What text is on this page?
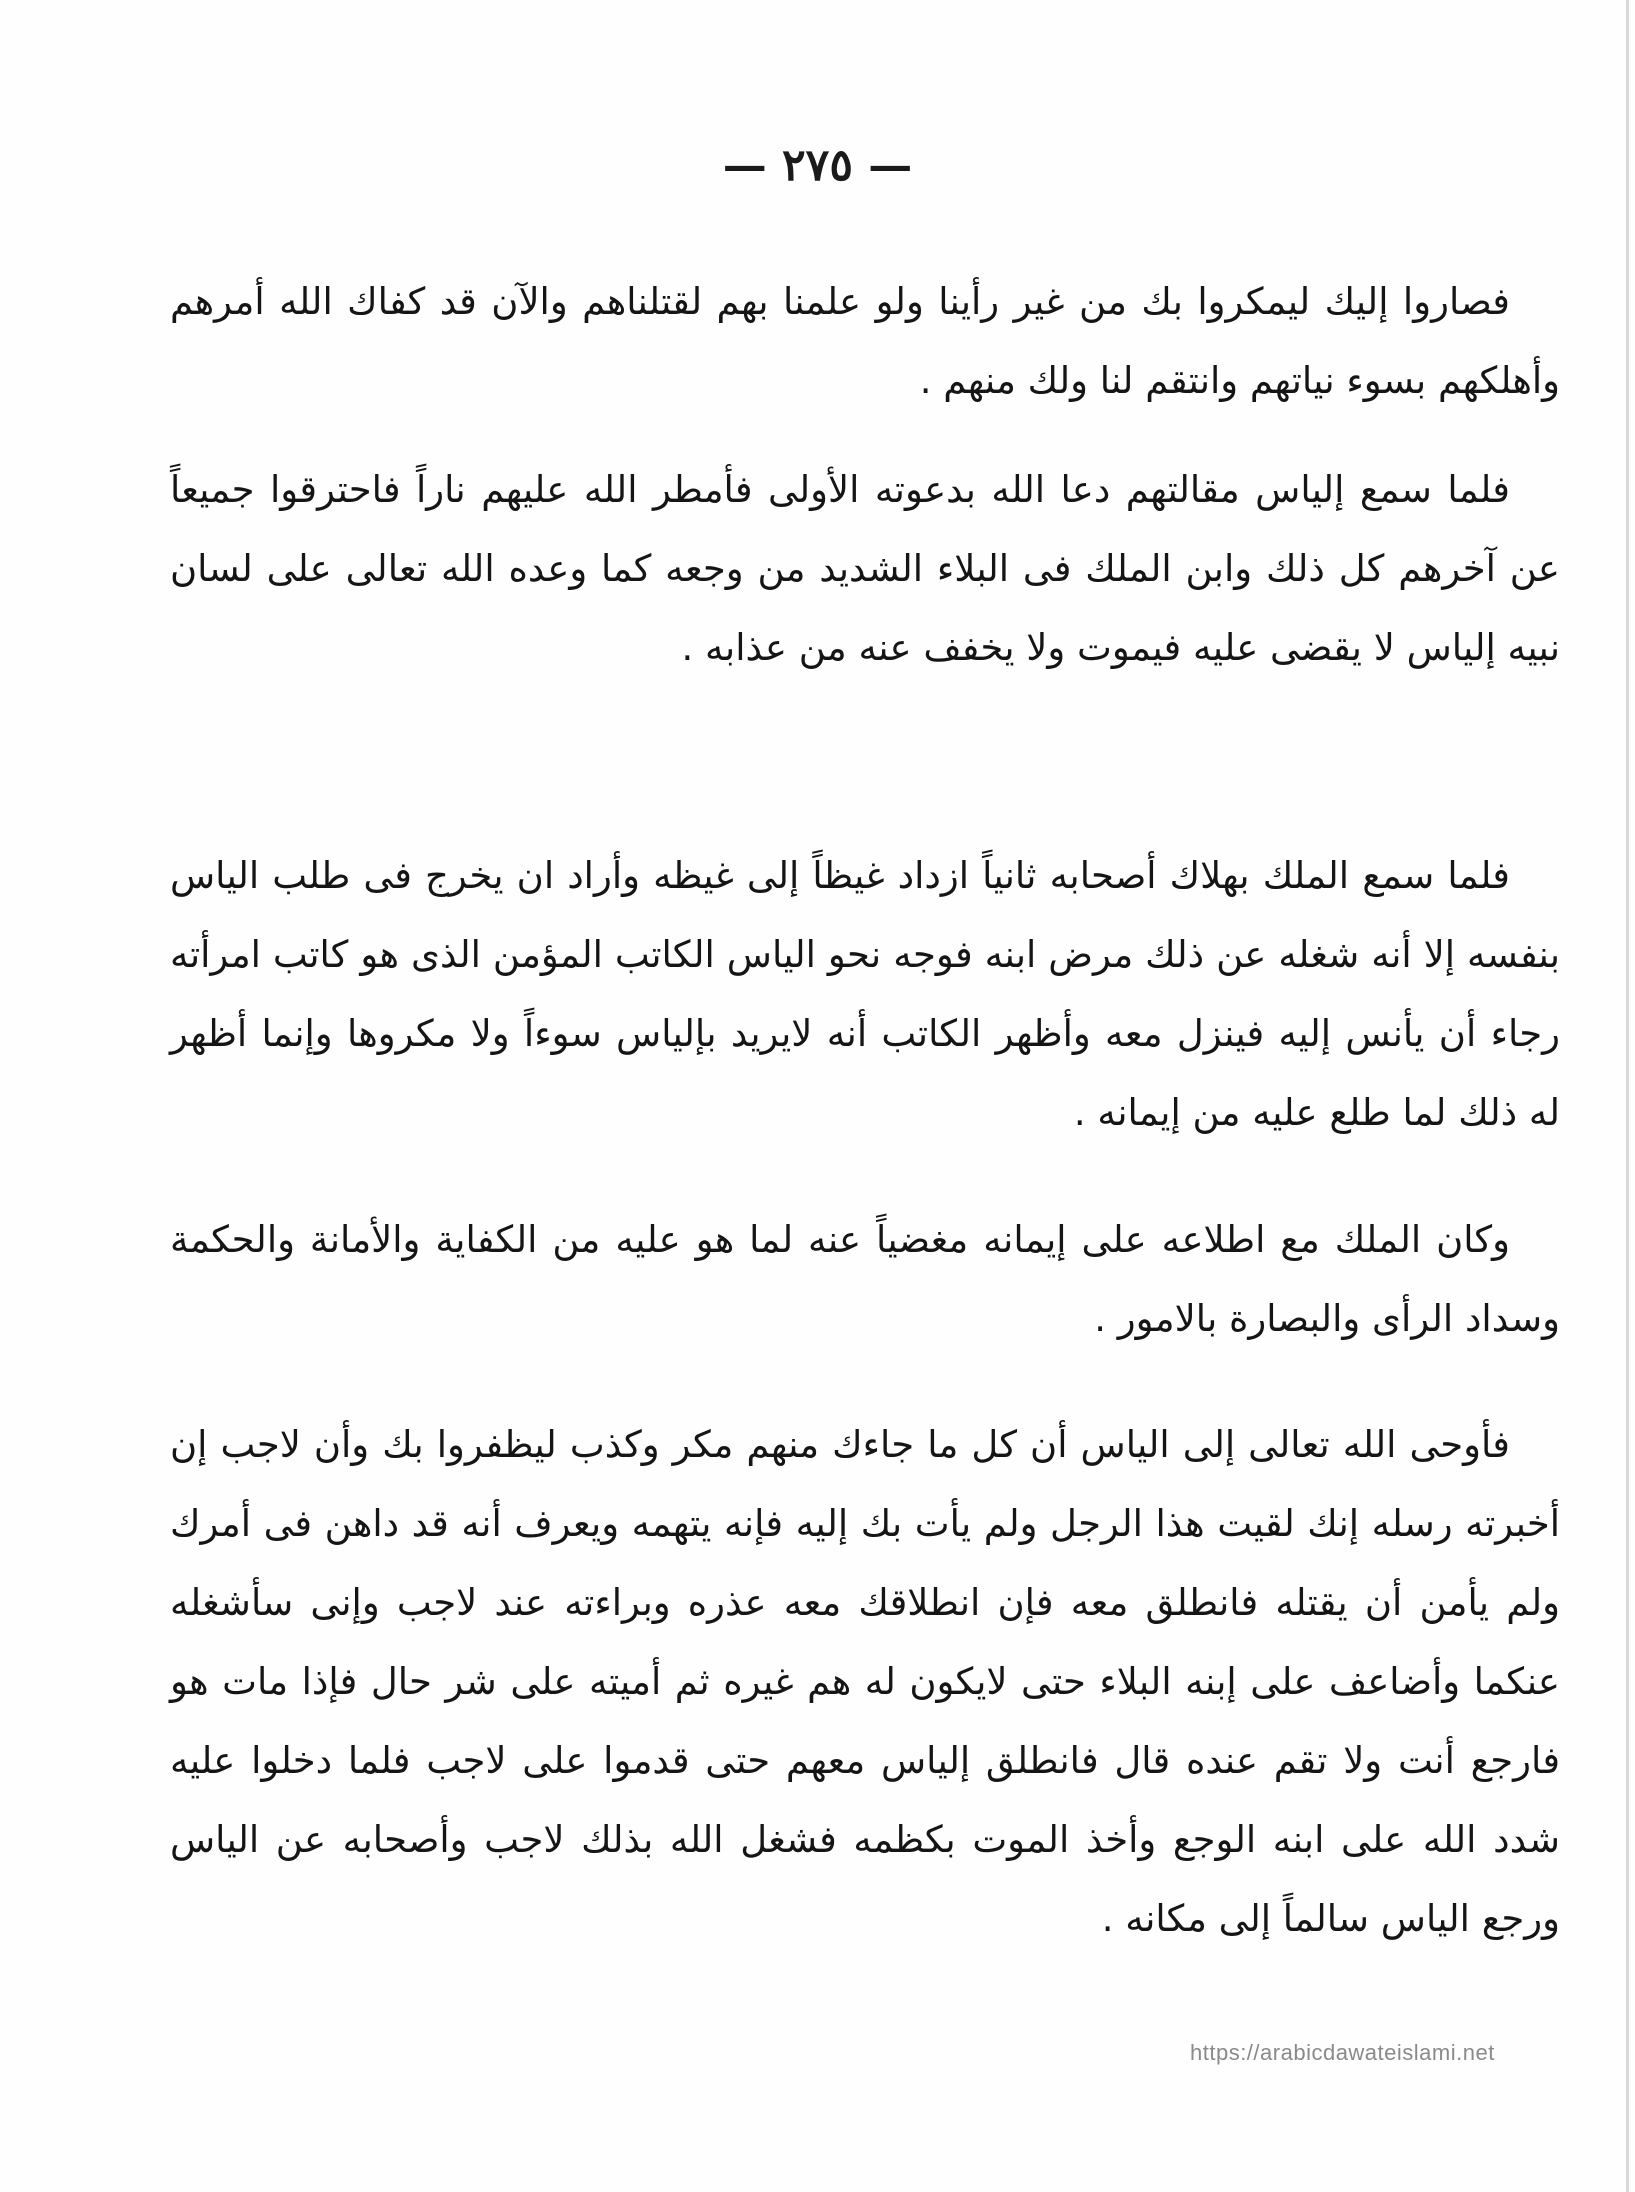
— ٢٧٥ —

فصاروا إليك ليمكروا بك من غير رأينا ولو علمنا بهم لقتلناهم والآن قد كفاك الله أمرهم وأهلكهم بسوء نياتهم وانتقم لنا ولك منهم .

فلما سمع إلياس مقالتهم دعا الله بدعوته الأولى فأمطر الله عليهم ناراً فاحترقوا جميعاً عن آخرهم كل ذلك وابن الملك فى البلاء الشديد من وجعه كما وعده الله تعالى على لسان نبيه إلياس لا يقضى عليه فيموت ولا يخفف عنه من عذابه .

فلما سمع الملك بهلاك أصحابه ثانياً ازداد غيظاً إلى غيظه وأراد ان يخرج فى طلب الياس بنفسه إلا أنه شغله عن ذلك مرض ابنه فوجه نحو الياس الكاتب المؤمن الذى هو كاتب امرأته رجاء أن يأنس إليه فينزل معه وأظهر الكاتب أنه لايريد بإلياس سوءاً ولا مكروها وإنما أظهر له ذلك لما طلع عليه من إيمانه .

وكان الملك مع اطلاعه على إيمانه مغضياً عنه لما هو عليه من الكفاية والأمانة والحكمة وسداد الرأى والبصارة بالامور .

فأوحى الله تعالى إلى الياس أن كل ما جاءك منهم مكر وكذب ليظفروا بك وأن لاجب إن أخبرته رسله إنك لقيت هذا الرجل ولم يأت بك إليه فإنه يتهمه ويعرف أنه قد داهن فى أمرك ولم يأمن أن يقتله فانطلق معه فإن انطلاقك معه عذره وبراءته عند لاجب وإنى سأشغله عنكما وأضاعف على إبنه البلاء حتى لايكون له هم غيره ثم أميته على شر حال فإذا مات هو فارجع أنت ولا تقم عنده قال فانطلق إلياس معهم حتى قدموا على لاجب فلما دخلوا عليه شدد الله على ابنه الوجع وأخذ الموت بكظمه فشغل الله بذلك لاجب وأصحابه عن الياس ورجع الياس سالماً إلى مكانه .

https://arabicdawateislami.net
